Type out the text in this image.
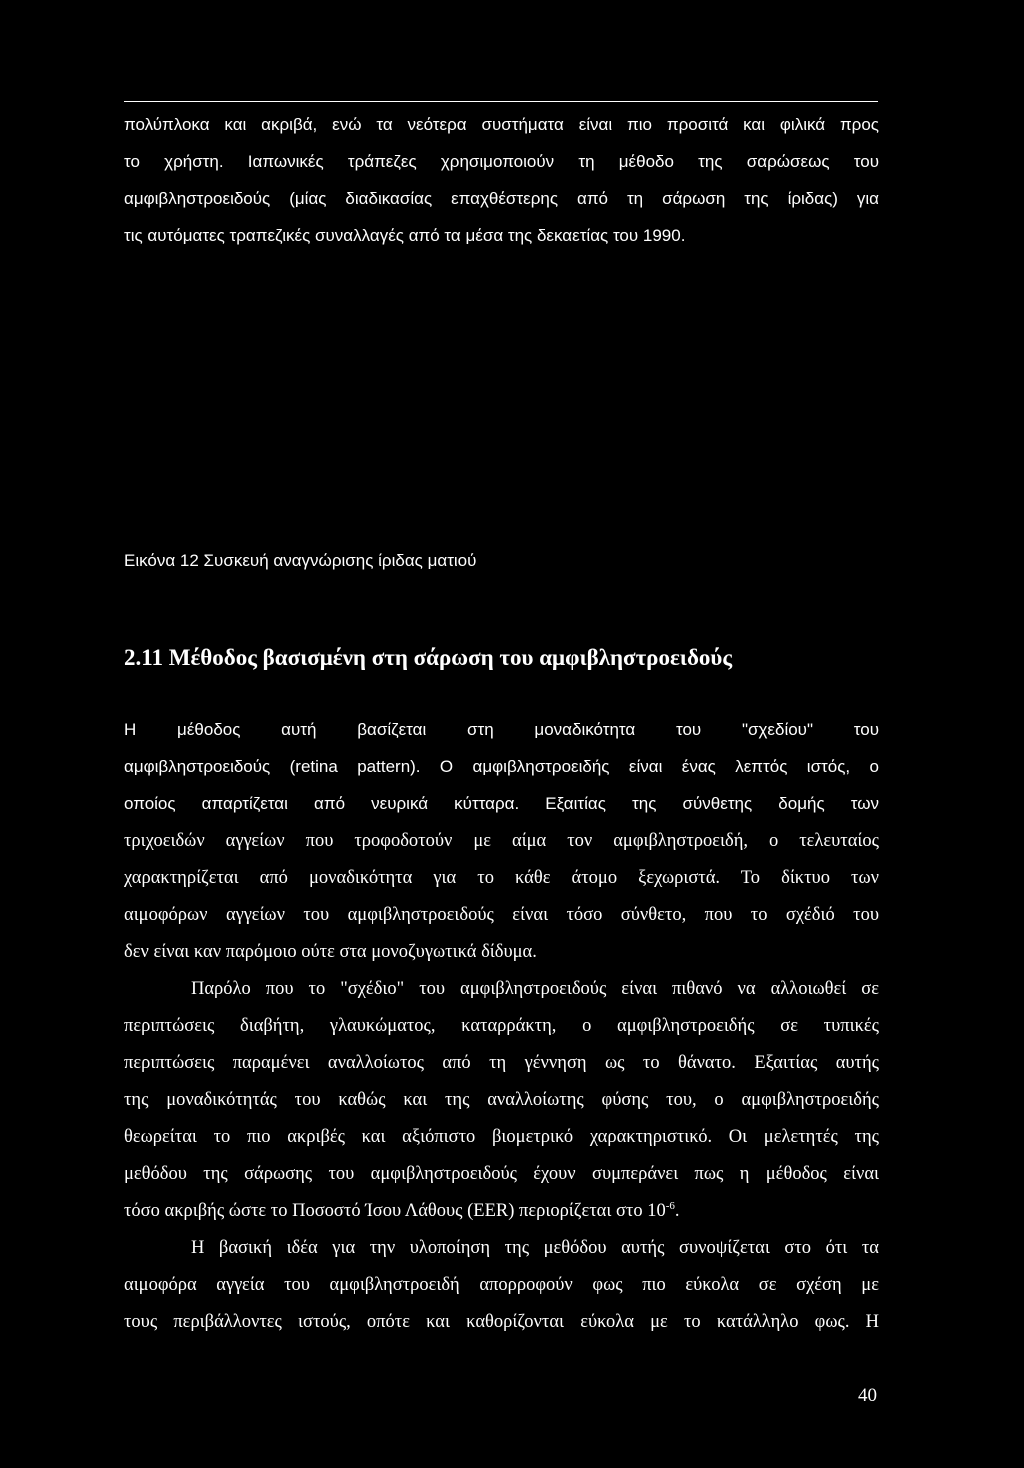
πολύπλοκα και ακριβά, ενώ τα νεότερα συστήματα είναι πιο προσιτά και φιλικά προς
το χρήστη. Ιαπωνικές τράπεζες χρησιμοποιούν τη μέθοδο της σαρώσεως του
αμφιβληστροειδούς (μίας διαδικασίας επαχθέστερης από τη σάρωση της ίριδας) για
τις αυτόματες τραπεζικές συναλλαγές από τα μέσα της δεκαετίας του 1990.
Εικόνα 12 Συσκευή αναγνώρισης ίριδας ματιού
2.11 Μέθοδος βασισμένη στη σάρωση του αμφιβληστροειδούς
Η μέθοδος αυτή βασίζεται στη μοναδικότητα του "σχεδίου" του
αμφιβληστροειδούς (retina pattern). Ο αμφιβληστροειδής είναι ένας λεπτός ιστός, ο
οποίος απαρτίζεται από νευρικά κύτταρα. Εξαιτίας της σύνθετης δομής των
τριχοειδών αγγείων που τροφοδοτούν με αίμα τον αμφιβληστροειδή, ο τελευταίος
χαρακτηρίζεται από μοναδικότητα για το κάθε άτομο ξεχωριστά. Το δίκτυο των
αιμοφόρων αγγείων του αμφιβληστροειδούς είναι τόσο σύνθετο, που το σχέδιό του
δεν είναι καν παρόμοιο ούτε στα μονοζυγωτικά δίδυμα.
Παρόλο που το "σχέδιο" του αμφιβληστροειδούς είναι πιθανό να αλλοιωθεί σε
περιπτώσεις διαβήτη, γλαυκώματος, καταρράκτη, ο αμφιβληστροειδής σε τυπικές
περιπτώσεις παραμένει αναλλοίωτος από τη γέννηση ως το θάνατο. Εξαιτίας αυτής
της μοναδικότητάς του καθώς και της αναλλοίωτης φύσης του, ο αμφιβληστροειδής
θεωρείται το πιο ακριβές και αξιόπιστο βιομετρικό χαρακτηριστικό. Οι μελετητές της
μεθόδου της σάρωσης του αμφιβληστροειδούς έχουν συμπεράνει πως η μέθοδος είναι
τόσο ακριβής ώστε το Ποσοστό Ίσου Λάθους (EER) περιορίζεται στο $10^{-6}$.
Η βασική ιδέα για την υλοποίηση της μεθόδου αυτής συνοψίζεται στο ότι τα
αιμοφόρα αγγεία του αμφιβληστροειδή απορροφούν φως πιο εύκολα σε σχέση με
τους περιβάλλοντες ιστούς, οπότε και καθορίζονται εύκολα με το κατάλληλο φως. Η
40
